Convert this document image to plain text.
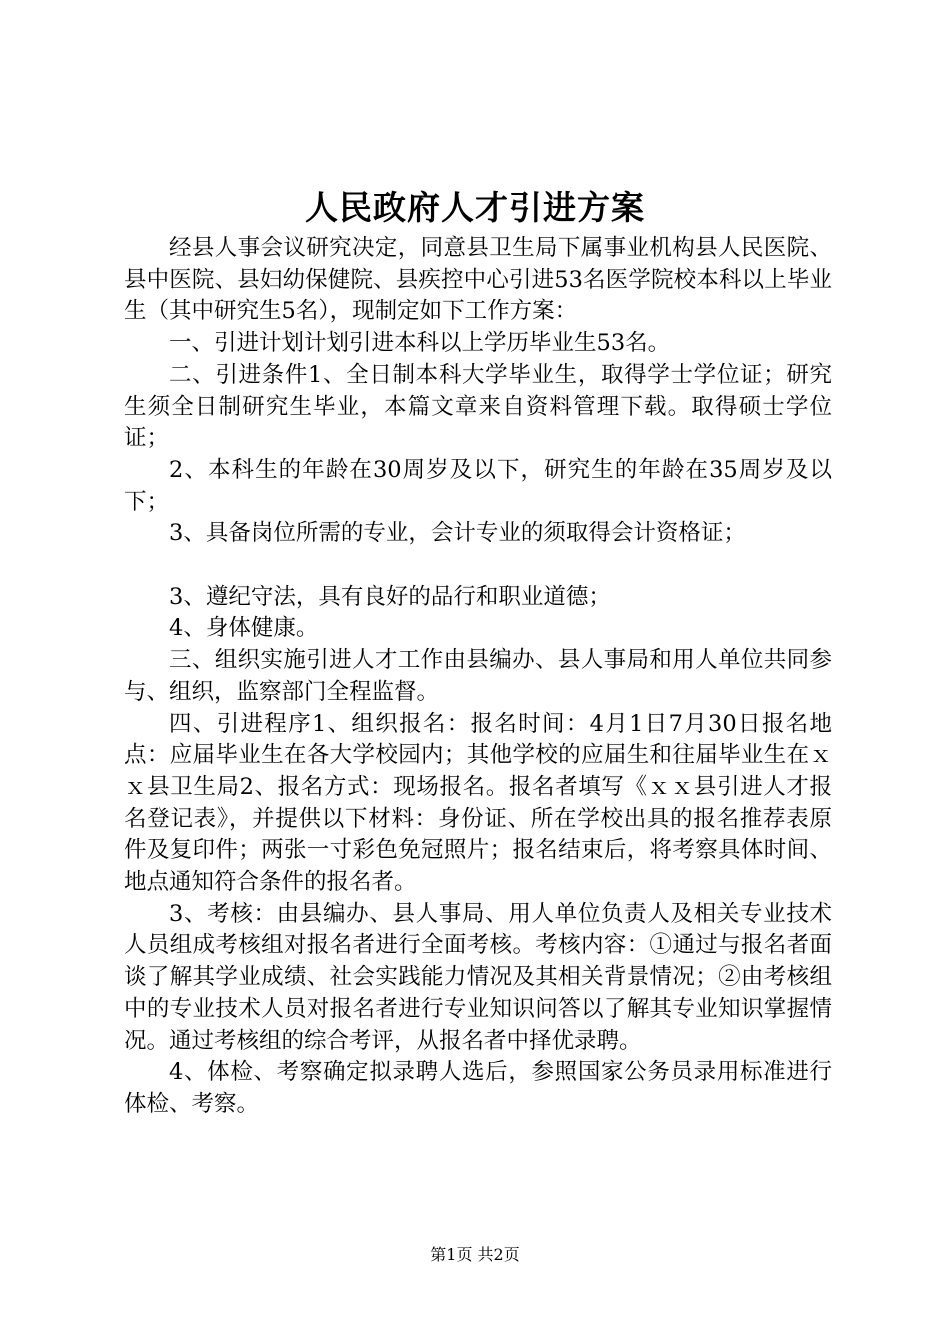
人民政府人才引进方案

经县人事会议研究决定，同意县卫生局下属事业机构县人民医院、县中医院、县妇幼保健院、县疾控中心引进53名医学院校本科以上毕业生（其中研究生5名），现制定如下工作方案：

一、引进计划计划引进本科以上学历毕业生53名。

二、引进条件1、全日制本科大学毕业生，取得学士学位证；研究生须全日制研究生毕业，本篇文章来自资料管理下载。取得硕士学位证；

2、本科生的年龄在30周岁及以下，研究生的年龄在35周岁及以下；

3、具备岗位所需的专业，会计专业的须取得会计资格证；

3、遵纪守法，具有良好的品行和职业道德；

4、身体健康。

三、组织实施引进人才工作由县编办、县人事局和用人单位共同参与、组织，监察部门全程监督。

四、引进程序1、组织报名：报名时间：4月1日7月30日报名地点：应届毕业生在各大学校园内；其他学校的应届生和往届毕业生在ｘｘ县卫生局2、报名方式：现场报名。报名者填写《ｘｘ县引进人才报名登记表》，并提供以下材料：身份证、所在学校出具的报名推荐表原件及复印件；两张一寸彩色免冠照片；报名结束后，将考察具体时间、地点通知符合条件的报名者。

3、考核：由县编办、县人事局、用人单位负责人及相关专业技术人员组成考核组对报名者进行全面考核。考核内容：①通过与报名者面谈了解其学业成绩、社会实践能力情况及其相关背景情况；②由考核组中的专业技术人员对报名者进行专业知识问答以了解其专业知识掌握情况。通过考核组的综合考评，从报名者中择优录聘。

4、体检、考察确定拟录聘人选后，参照国家公务员录用标准进行体检、考察。

第1页 共2页
